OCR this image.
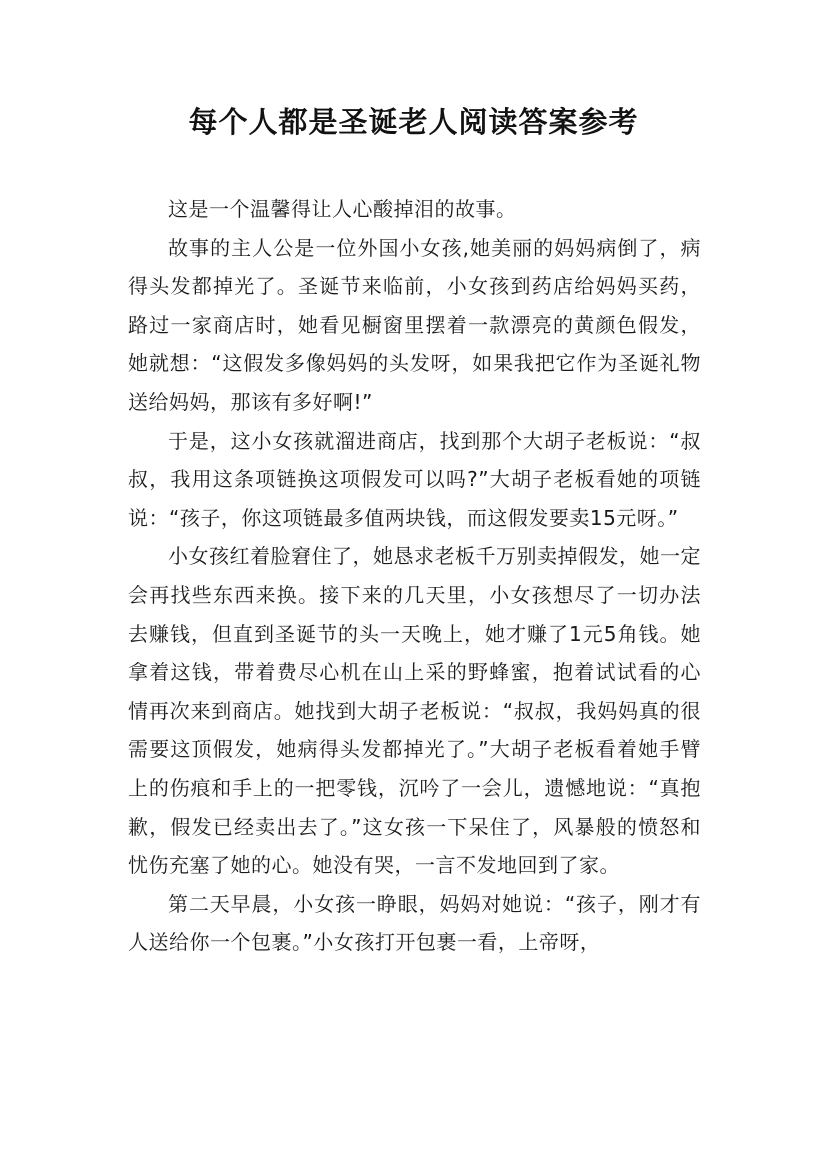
每个人都是圣诞老人阅读答案参考

这是一个温馨得让人心酸掉泪的故事。

故事的主人公是一位外国小女孩,她美丽的妈妈病倒了，病得头发都掉光了。圣诞节来临前，小女孩到药店给妈妈买药，路过一家商店时，她看见橱窗里摆着一款漂亮的黄颜色假发，她就想：“这假发多像妈妈的头发呀，如果我把它作为圣诞礼物送给妈妈，那该有多好啊!”

于是，这小女孩就溜进商店，找到那个大胡子老板说：“叔叔，我用这条项链换这项假发可以吗?”大胡子老板看她的项链说：“孩子，你这项链最多值两块钱，而这假发要卖15元呀。”

小女孩红着脸窘住了，她恳求老板千万别卖掉假发，她一定会再找些东西来换。接下来的几天里，小女孩想尽了一切办法去赚钱，但直到圣诞节的头一天晚上，她才赚了1元5角钱。她拿着这钱，带着费尽心机在山上采的野蜂蜜，抱着试试看的心情再次来到商店。她找到大胡子老板说：“叔叔，我妈妈真的很需要这顶假发，她病得头发都掉光了。”大胡子老板看着她手臂上的伤痕和手上的一把零钱，沉吟了一会儿，遗憾地说：“真抱歉，假发已经卖出去了。”这女孩一下呆住了，风暴般的愤怒和忧伤充塞了她的心。她没有哭，一言不发地回到了家。

第二天早晨，小女孩一睁眼，妈妈对她说：“孩子，刚才有人送给你一个包裹。”小女孩打开包裹一看，上帝呀，
